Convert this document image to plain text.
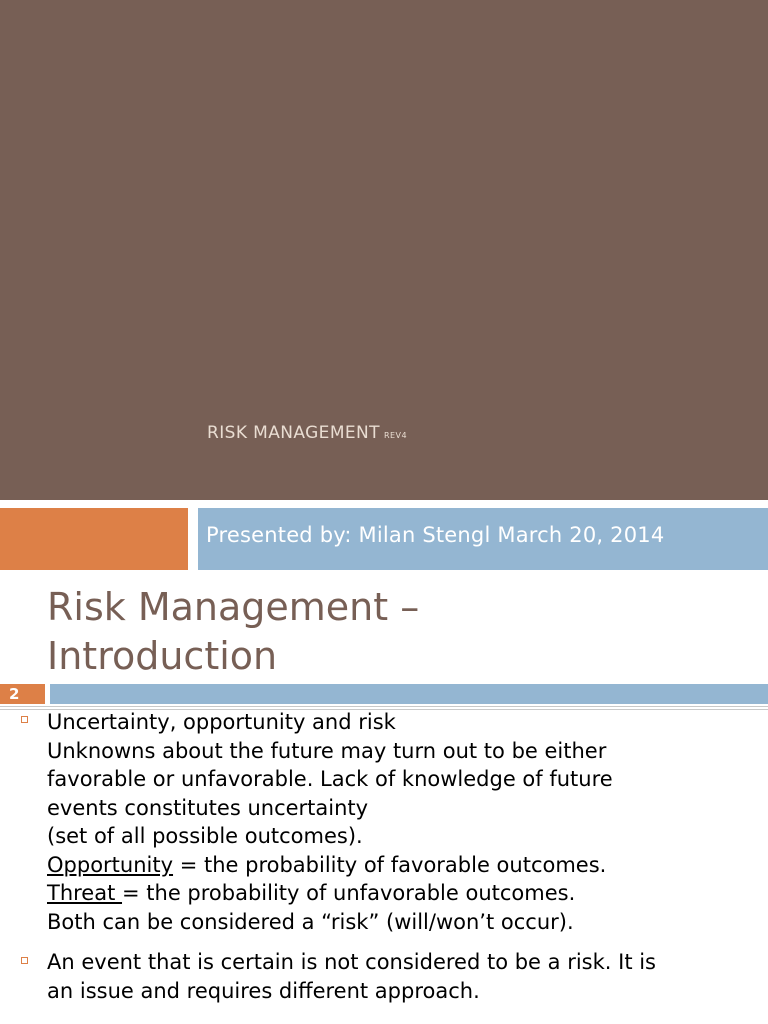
RISK MANAGEMENT REV4
Presented by: Milan Stengl March 20, 2014
Risk Management –
Introduction
2
Uncertainty, opportunity and risk
Unknowns about the future may turn out to be either
favorable or unfavorable. Lack of knowledge of future
events constitutes uncertainty
(set of all possible outcomes).
Opportunity = the probability of favorable outcomes.
Threat = the probability of unfavorable outcomes.
Both can be considered a “risk” (will/won’t occur).
An event that is certain is not considered to be a risk. It is
an issue and requires different approach.
